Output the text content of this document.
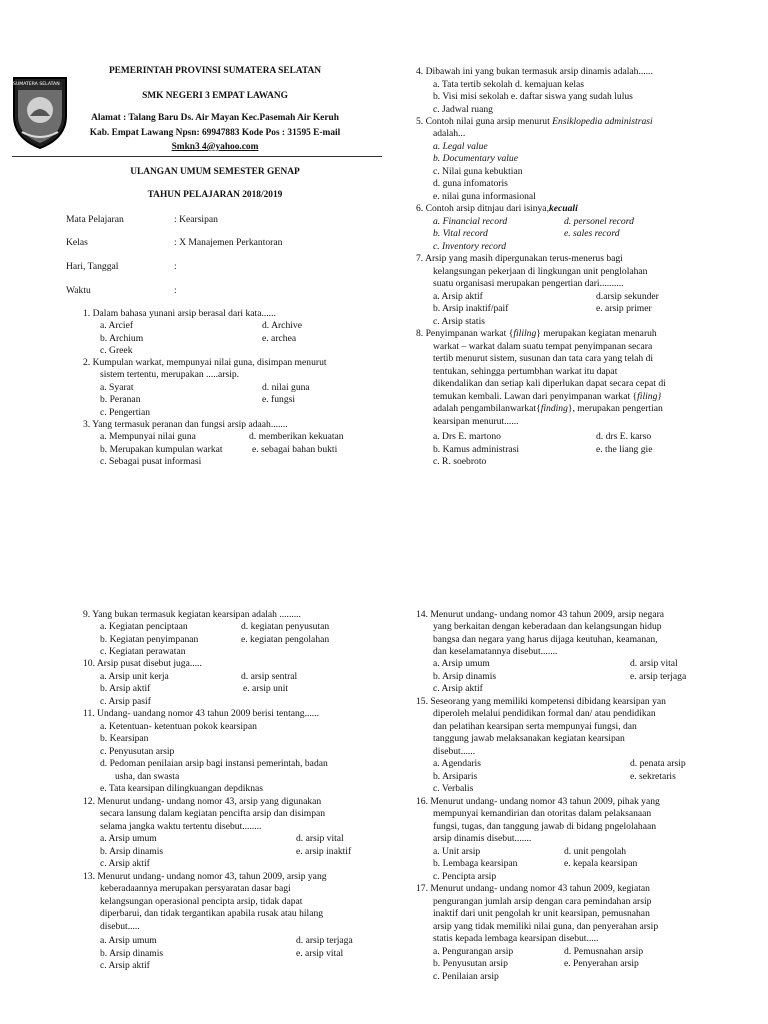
SUMATERA SELATAN
PEMERINTAH PROVINSI SUMATERA SELATAN
SMK NEGERI 3 EMPAT LAWANG
Alamat : Talang Baru Ds. Air Mayan Kec.Pasemah Air Keruh
Kab. Empat Lawang Npsn: 69947883 Kode Pos : 31595 E-mail
Smkn3 4@yahoo.com
ULANGAN UMUM SEMESTER GENAP
TAHUN PELAJARAN 2018/2019
Mata Pelajaran	: Kearsipan
Kelas	: X Manajemen Perkantoran
Hari, Tanggal	:
Waktu	:
1. Dalam bahasa yunani arsip berasal dari kata......
a. Arcief	d. Archive
b. Archium	e. archea
c. Greek
2. Kumpulan warkat, mempunyai nilai guna, disimpan menurut
sistem tertentu, merupakan .....arsip.
a. Syarat	d. nilai guna
b. Peranan	e. fungsi
c. Pengertian
3. Yang termasuk peranan dan fungsi arsip adaah.......
a. Mempunyai nilai guna	d. memberikan kekuatan
b. Merupakan kumpulan warkat	e. sebagai bahan bukti
c. Sebagai pusat informasi
4. Dibawah ini yang bukan termasuk arsip dinamis adalah......
a. Tata tertib sekolah d. kemajuan kelas
b. Visi misi sekolah e. daftar siswa yang sudah lulus
c. Jadwal ruang
5. Contoh nilai guna arsip menurut Ensiklopedia administrasi
adalah...
a. Legal value
b. Documentary value
c. Nilai guna kebuktian
d. guna infomatoris
e. nilai guna informasional
6. Contoh arsip ditnjau dari isinya,kecuali
a. Financial record	d. personel record
b. Vital record	e. sales record
c. Inventory record
7. Arsip yang masih dipergunakan terus-menerus bagi
kelangsungan pekerjaan di lingkungan unit penglolahan
suatu organisasi merupakan pengertian dari..........
a. Arsip aktif	d.arsip sekunder
b. Arsip inaktif/paif	e. arsip primer
c. Arsip statis
8. Penyimpanan warkat {fililng} merupakan kegiatan menaruh
warkat – warkat dalam suatu tempat penyimpanan secara
tertib menurut sistem, susunan dan tata cara yang telah di
tentukan, sehingga pertumbhan warkat itu dapat
dikendalikan dan setiap kali diperlukan dapat secara cepat di
temukan kembali. Lawan dari penyimpanan warkat {filing}
adalah pengambilanwarkat{finding}, merupakan pengertian
kearsipan menurut......
a. Drs E. martono	d. drs E. karso
b. Kamus administrasi	e. the liang gie
c. R. soebroto
9. Yang bukan termasuk kegiatan kearsipan adalah .........
a. Kegiatan penciptaan	d. kegiatan penyusutan
b. Kegiatan penyimpanan	e. kegiatan pengolahan
c. Kegiatan perawatan
10. Arsip pusat disebut juga.....
a. Arsip unit kerja	d. arsip sentral
b. Arsip aktif	e. arsip unit
c. Arsip pasif
11. Undang- uandang nomor 43 tahun 2009 berisi tentang......
a. Ketentuan- ketentuan pokok kearsipan
b. Kearsipan
c. Penyusutan arsip
d. Pedoman penilaian arsip bagi instansi pemerintah, badan
usha, dan swasta
e. Tata kearsipan dilingkuangan depdiknas
12. Menurut undang- undang nomor 43, arsip yang digunakan
secara lansung dalam kegiatan pencifta arsip dan disimpan
selama jangka waktu tertentu disebut........
a. Arsip umum	d. arsip vital
b. Arsip dinamis	e. arsip inaktif
c. Arsip aktif
13. Menurut undang- undang nomor 43, tahun 2009, arsip yang
keberadaannya merupakan persyaratan dasar bagi
kelangsungan operasional pencipta arsip, tidak dapat
diperbarui, dan tidak tergantikan apabila rusak atau hilang
disebut.....
a. Arsip umum	d. arsip terjaga
b. Arsip dinamis	e. arsip vital
c. Arsip aktif
14. Menurut undang- undang nomor 43 tahun 2009, arsip negara
yang berkaitan dengan keberadaan dan kelangsungan hidup
bangsa dan negara yang harus dijaga keutuhan, keamanan,
dan keselamatannya disebut.......
a. Arsip umum	d. arsip vital
b. Arsip dinamis	e. arsip terjaga
c. Arsip aktif
15. Seseorang yang memiliki kompetensi dibidang kearsipan yan
diperoleh melalui pendidikan formal dan/ atau pendidikan
dan pelatihan kearsipan serta mempunyai fungsi, dan
tanggung jawab melaksanakan kegiatan kearsipan
disebut......
a. Agendaris	d. penata arsip
b. Arsiparis	e. sekretaris
c. Verbalis
16. Menurut undang- undang nomor 43 tahun 2009, pihak yang
mempunyai kemandirian dan otoritas dalam pelaksanaan
fungsi, tugas, dan tanggung jawab di bidang pngelolahaan
arsip dinamis disebut.......
a. Unit arsip	d. unit pengolah
b. Lembaga kearsipan	e. kepala kearsipan
c. Pencipta arsip
17. Menurut undang- undang nomor 43 tahun 2009, kegiatan
pengurangan jumlah arsip dengan cara pemindahan arsip
inaktif dari unit pengolah kr unit kearsipan, pemusnahan
arsip yang tidak memiliki nilai guna, dan penyerahan arsip
statis kepada lembaga kearsipan disebut.....
a. Pengurangan arsip	d. Pemusnahan arsip
b. Penyusutan arsip	e. Penyerahan arsip
c. Penilaian arsip
